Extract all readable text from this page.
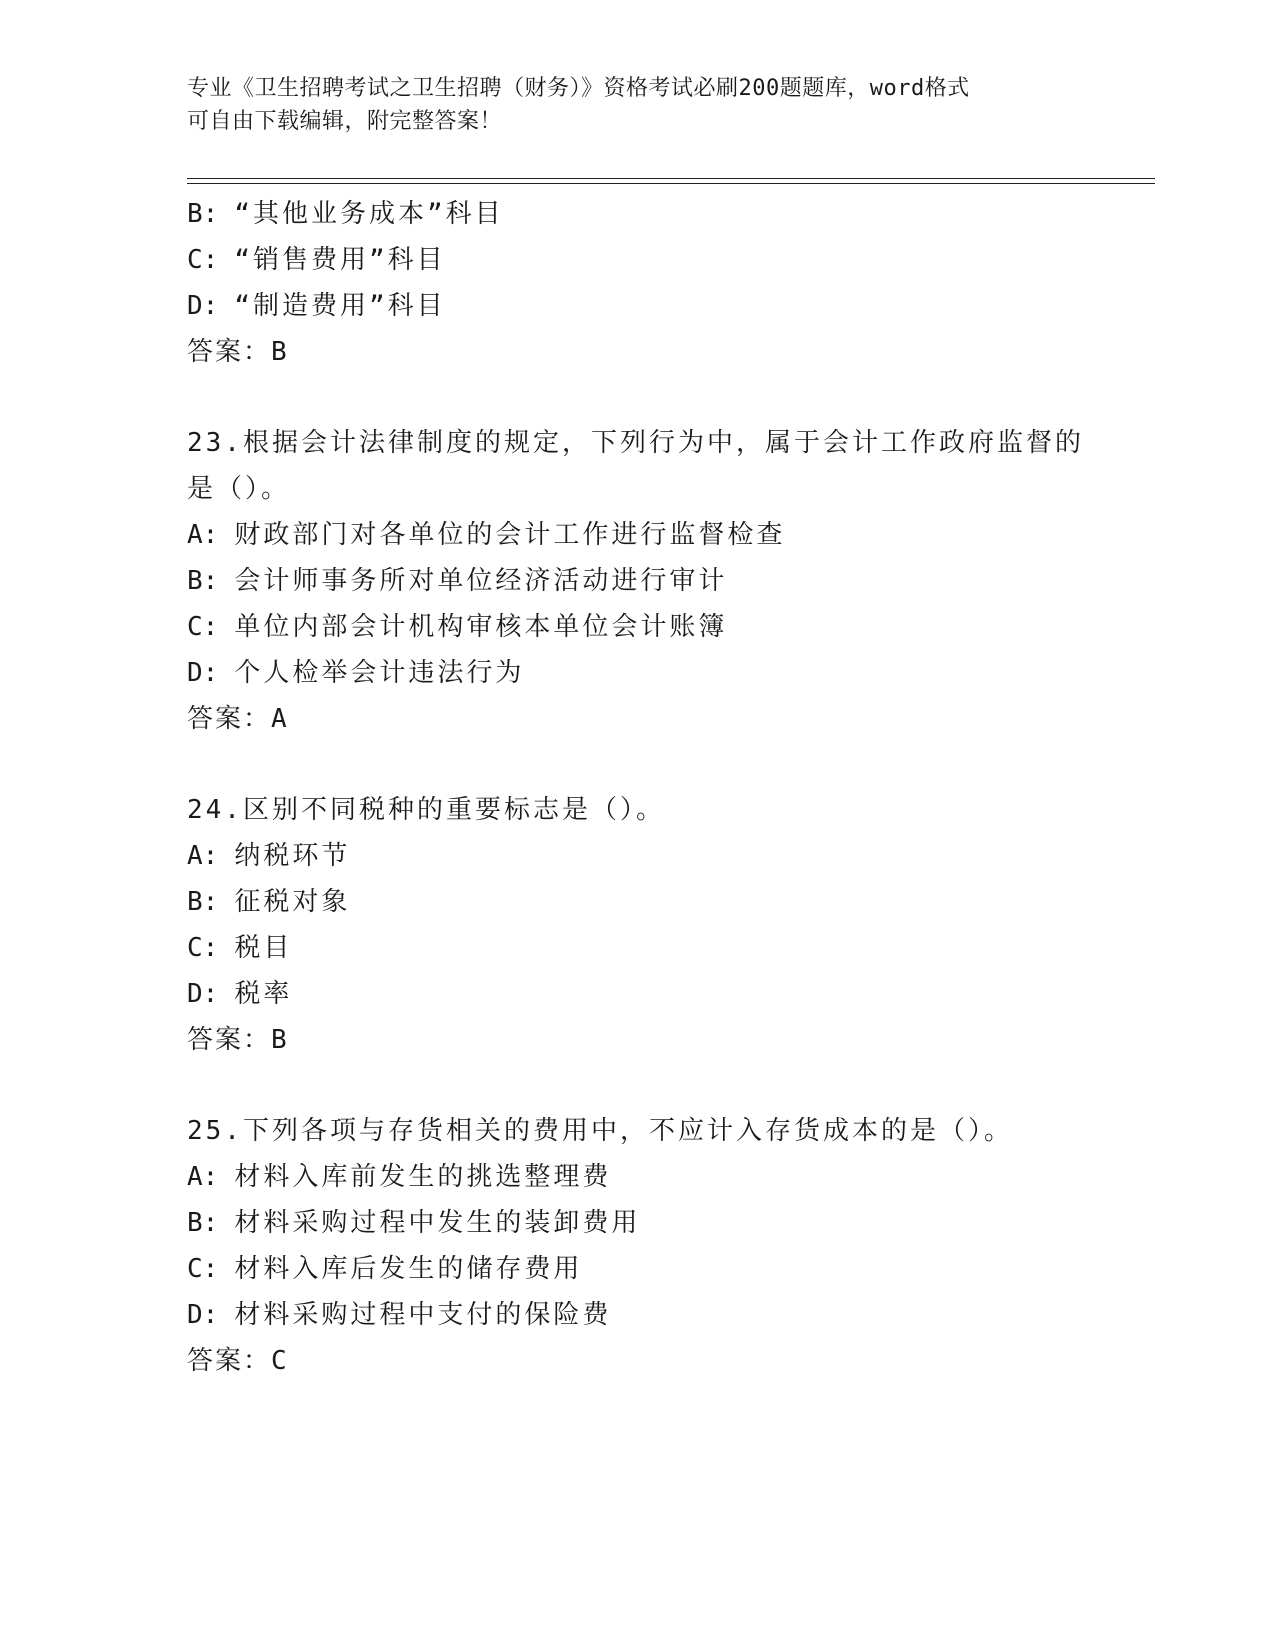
专业《卫生招聘考试之卫生招聘（财务）》资格考试必刷200题题库，word格式
可自由下载编辑，附完整答案！
B: “其他业务成本”科目
C: “销售费用”科目
D: “制造费用”科目
答案：B
23.根据会计法律制度的规定，下列行为中，属于会计工作政府监督的
是（）。
A: 财政部门对各单位的会计工作进行监督检查
B: 会计师事务所对单位经济活动进行审计
C: 单位内部会计机构审核本单位会计账簿
D: 个人检举会计违法行为
答案：A
24.区别不同税种的重要标志是（）。
A: 纳税环节
B: 征税对象
C: 税目
D: 税率
答案：B
25.下列各项与存货相关的费用中，不应计入存货成本的是（）。
A: 材料入库前发生的挑选整理费
B: 材料采购过程中发生的装卸费用
C: 材料入库后发生的储存费用
D: 材料采购过程中支付的保险费
答案：C
